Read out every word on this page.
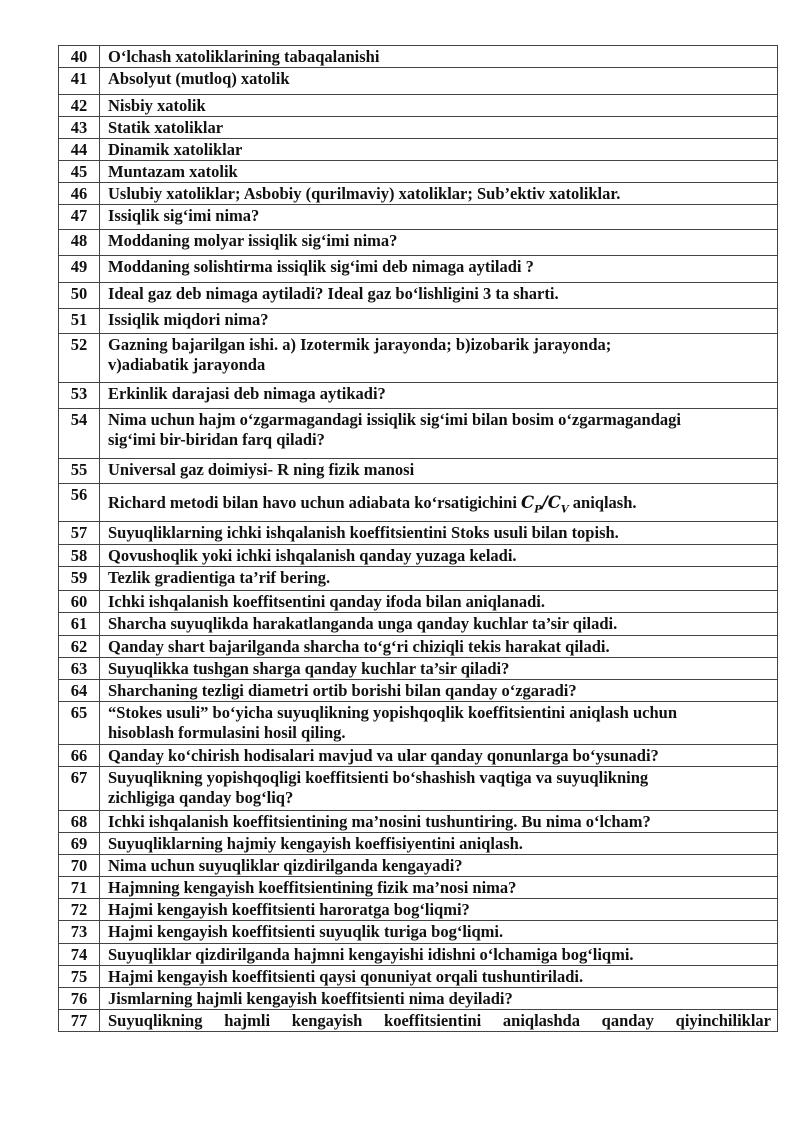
40	O‘lchash xatoliklarining tabaqalanishi

41	Absolyut (mutloq) xatolik

42	Nisbiy xatolik

43	Statik xatoliklar

44	Dinamik xatoliklar

45	Muntazam xatolik

46	Uslubiy xatoliklar; Asbobiy (qurilmaviy) xatoliklar; Sub’ektiv xatoliklar.

47	Issiqlik sig‘imi nima?

48	Moddaning molyar issiqlik sig‘imi nima?

49	Moddaning solishtirma issiqlik sig‘imi deb nimaga aytiladi ?

50	Ideal gaz deb nimaga aytiladi? Ideal gaz bo‘lishligini 3 ta sharti.

51	Issiqlik miqdori nima?

52	Gazning bajarilgan ishi. a) Izotermik jarayonda; b)izobarik jarayonda;
v)adiabatik jarayonda

53	Erkinlik darajasi deb nimaga aytikadi?

54	Nima uchun hajm o‘zgarmagandagi issiqlik sig‘imi bilan bosim o‘zgarmagandagi
sig‘imi bir-biridan farq qiladi?

55	Universal gaz doimiysi- R ning fizik manosi

56	Richard metodi bilan havo uchun adiabata ko‘rsatigichini $C_P/C_V$ aniqlash.
57	Suyuqliklarning ichki ishqalanish koeffitsientini Stoks usuli bilan topish.

58	Qovushoqlik yoki ichki ishqalanish qanday yuzaga keladi.

59	Tezlik gradientiga ta’rif bering.

60	Ichki ishqalanish koeffitsentini qanday ifoda bilan aniqlanadi.

61	Sharcha suyuqlikda harakatlanganda unga qanday kuchlar ta’sir qiladi.

62	Qanday shart bajarilganda sharcha to‘g‘ri chiziqli tekis harakat qiladi.

63	Suyuqlikka tushgan sharga qanday kuchlar ta’sir qiladi?

64	Sharchaning tezligi diametri ortib borishi bilan qanday o‘zgaradi?

65	“Stokes usuli” bo‘yicha suyuqlikning yopishqoqlik koeffitsientini aniqlash uchun
hisoblash formulasini hosil qiling.

66	Qanday ko‘chirish hodisalari mavjud va ular qanday qonunlarga bo‘ysunadi?

67	Suyuqlikning yopishqoqligi koeffitsienti bo‘shashish vaqtiga va suyuqlikning
zichligiga qanday bog‘liq?

68	Ichki ishqalanish koeffitsientining ma’nosini tushuntiring. Bu nima o‘lcham?

69	Suyuqliklarning hajmiy kengayish koeffisiyentini aniqlash.

70	Nima uchun suyuqliklar qizdirilganda kengayadi?

71	Hajmning kengayish koeffitsientining fizik ma’nosi nima?

72	Hajmi kengayish koeffitsienti haroratga bog‘liqmi?

73	Hajmi kengayish koeffitsienti suyuqlik turiga bog‘liqmi.

74	Suyuqliklar qizdirilganda hajmni kengayishi idishni o‘lchamiga bog‘liqmi.

75	Hajmi kengayish koeffitsienti qaysi qonuniyat orqali tushuntiriladi.

76	Jismlarning hajmli kengayish koeffitsienti nima deyiladi?

77	Suyuqlikning hajmli kengayish koeffitsientini aniqlashda qanday qiyinchiliklar
